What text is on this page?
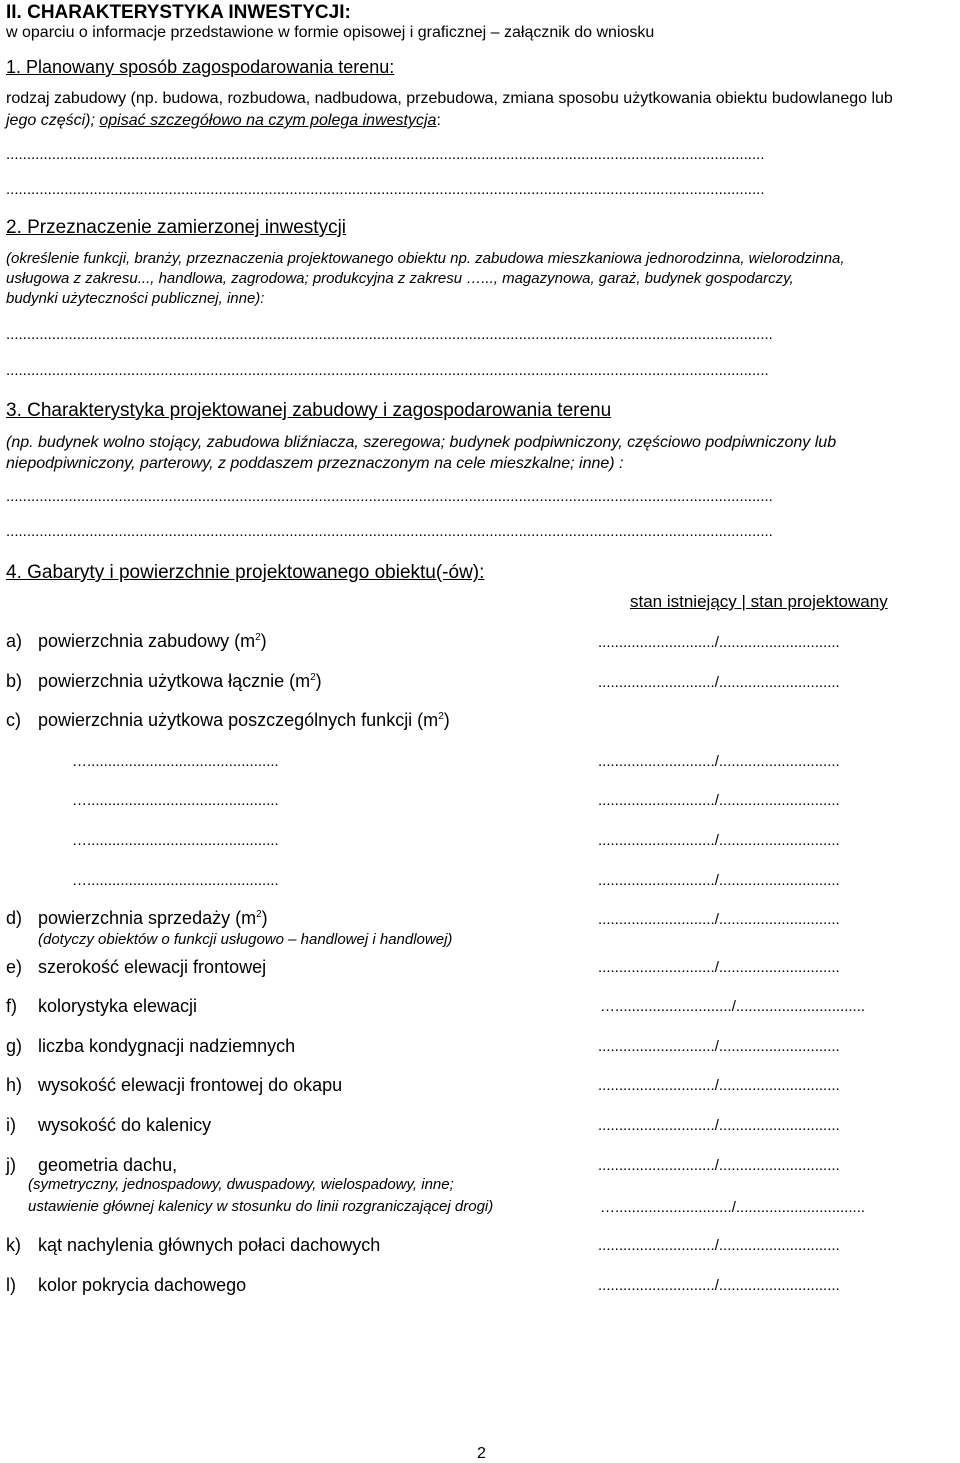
II. CHARAKTERYSTYKA INWESTYCJI:
w oparciu o informacje przedstawione w formie opisowej i graficznej – załącznik do wniosku
1. Planowany sposób zagospodarowania terenu:
rodzaj zabudowy (np. budowa, rozbudowa, nadbudowa, przebudowa, zmiana sposobu użytkowania obiektu budowlanego lub
jego części); opisać szczegółowo na czym polega inwestycja:
......................................................................................................................................................................................
......................................................................................................................................................................................
2. Przeznaczenie zamierzonej inwestycji
(określenie funkcji, branży, przeznaczenia projektowanego obiektu np. zabudowa mieszkaniowa jednorodzinna, wielorodzinna,
usługowa z zakresu..., handlowa, zagrodowa; produkcyjna z zakresu …..., magazynowa, garaż, budynek gospodarczy,
budynki użyteczności publicznej, inne):
........................................................................................................................................................................................
.......................................................................................................................................................................................
3. Charakterystyka projektowanej zabudowy i zagospodarowania terenu
(np. budynek wolno stojący, zabudowa bliźniacza, szeregowa; budynek podpiwniczony, częściowo podpiwniczony lub
niepodpiwniczony, parterowy, z poddaszem przeznaczonym na cele mieszkalne; inne) :
........................................................................................................................................................................................
........................................................................................................................................................................................
4. Gabaryty i powierzchnie projektowanego obiektu(-ów):
stan istniejący | stan projektowany
a) powierzchnia zabudowy $(m^2)$	............................/.............................
b) powierzchnia użytkowa łącznie $(m^2)$	............................/.............................
c) powierzchnia użytkowa poszczególnych funkcji $(m^2)$
…..............................................	............................/.............................
…..............................................	............................/.............................
…..............................................	............................/.............................
…..............................................	............................/.............................
d) powierzchnia sprzedaży $(m^2)$	............................/.............................
(dotyczy obiektów o funkcji usługowo – handlowej i handlowej)
e) szerokość elewacji frontowej	............................/.............................
f) kolorystyka elewacji	…............................/...............................
g) liczba kondygnacji nadziemnych	............................/.............................
h) wysokość elewacji frontowej do okapu	............................/.............................
i) wysokość do kalenicy	............................/.............................
j) geometria dachu,	............................/.............................
(symetryczny, jednospadowy, dwuspadowy, wielospadowy, inne;
ustawienie głównej kalenicy w stosunku do linii rozgraniczającej drogi)	…............................/...............................
k) kąt nachylenia głównych połaci dachowych	............................/.............................
l) kolor pokrycia dachowego	............................/.............................
2
